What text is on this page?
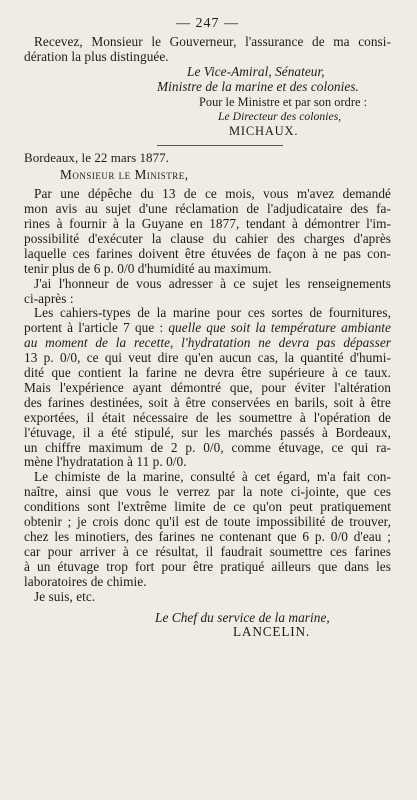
— 247 —
Recevez, Monsieur le Gouverneur, l'assurance de ma consi-
dération la plus distinguée.
Le Vice-Amiral, Sénateur,
Ministre de la marine et des colonies.
Pour le Ministre et par son ordre :
Le Directeur des colonies,
MICHAUX.
Bordeaux, le 22 mars 1877.
Monsieur le Ministre,
Par une dépêche du 13 de ce mois, vous m'avez demandé
mon avis au sujet d'une réclamation de l'adjudicataire des fa-
rines à fournir à la Guyane en 1877, tendant à démontrer l'im-
possibilité d'exécuter la clause du cahier des charges d'après
laquelle ces farines doivent être étuvées de façon à ne pas con-
tenir plus de 6 p. 0/0 d'humidité au maximum.
J'ai l'honneur de vous adresser à ce sujet les renseignements
ci-après :
Les cahiers-types de la marine pour ces sortes de fournitures,
portent à l'article 7 que : quelle que soit la température ambiante
au moment de la recette, l'hydratation ne devra pas dépasser
13 p. 0/0, ce qui veut dire qu'en aucun cas, la quantité d'humi-
dité que contient la farine ne devra être supérieure à ce taux.
Mais l'expérience ayant démontré que, pour éviter l'altération
des farines destinées, soit à être conservées en barils, soit à être
exportées, il était nécessaire de les soumettre à l'opération de
l'étuvage, il a été stipulé, sur les marchés passés à Bordeaux,
un chiffre maximum de 2 p. 0/0, comme étuvage, ce qui ra-
mène l'hydratation à 11 p. 0/0.
Le chimiste de la marine, consulté à cet égard, m'a fait con-
naître, ainsi que vous le verrez par la note ci-jointe, que ces
conditions sont l'extrême limite de ce qu'on peut pratiquement
obtenir ; je crois donc qu'il est de toute impossibilité de trouver,
chez les minotiers, des farines ne contenant que 6 p. 0/0 d'eau ;
car pour arriver à ce résultat, il faudrait soumettre ces farines
à un étuvage trop fort pour être pratiqué ailleurs que dans les
laboratoires de chimie.
Je suis, etc.
Le Chef du service de la marine,
LANCELIN.
